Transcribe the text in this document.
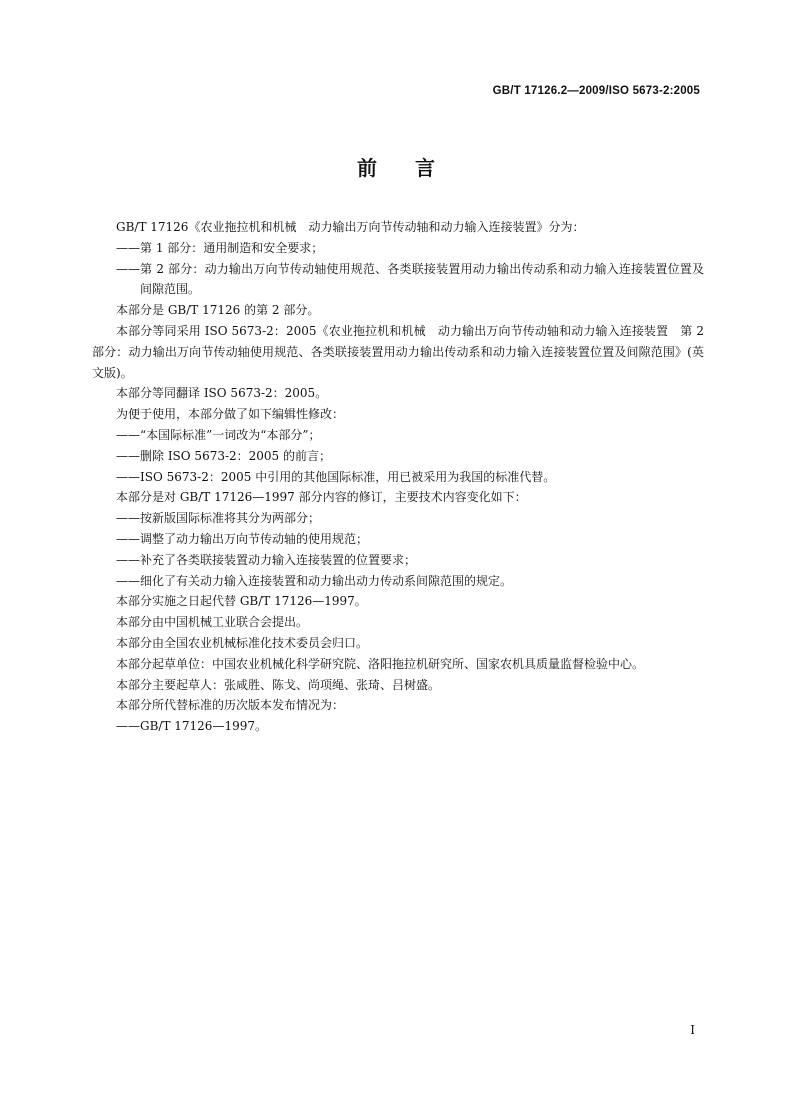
GB/T 17126.2—2009/ISO 5673-2:2005
前言

GB/T 17126《农业拖拉机和机械　动力输出万向节传动轴和动力输入连接装置》分为：

——第 1 部分：通用制造和安全要求；

——第 2 部分：动力输出万向节传动轴使用规范、各类联接装置用动力输出传动系和动力输入连接装置位置及间隙范围。

本部分是 GB/T 17126 的第 2 部分。

本部分等同采用 ISO 5673-2：2005《农业拖拉机和机械　动力输出万向节传动轴和动力输入连接装置　第 2 部分：动力输出万向节传动轴使用规范、各类联接装置用动力输出传动系和动力输入连接装置位置及间隙范围》(英文版)。

本部分等同翻译 ISO 5673-2：2005。

为便于使用，本部分做了如下编辑性修改：

——“本国际标准”一词改为“本部分”；

——删除 ISO 5673-2：2005 的前言；

——ISO 5673-2：2005 中引用的其他国际标准，用已被采用为我国的标准代替。

本部分是对 GB/T 17126—1997 部分内容的修订，主要技术内容变化如下：

——按新版国际标准将其分为两部分；

——调整了动力输出万向节传动轴的使用规范；

——补充了各类联接装置动力输入连接装置的位置要求；

——细化了有关动力输入连接装置和动力输出动力传动系间隙范围的规定。

本部分实施之日起代替 GB/T 17126—1997。

本部分由中国机械工业联合会提出。

本部分由全国农业机械标准化技术委员会归口。

本部分起草单位：中国农业机械化科学研究院、洛阳拖拉机研究所、国家农机具质量监督检验中心。

本部分主要起草人：张咸胜、陈戈、尚项绳、张琦、吕树盛。

本部分所代替标准的历次版本发布情况为：

——GB/T 17126—1997。

I
